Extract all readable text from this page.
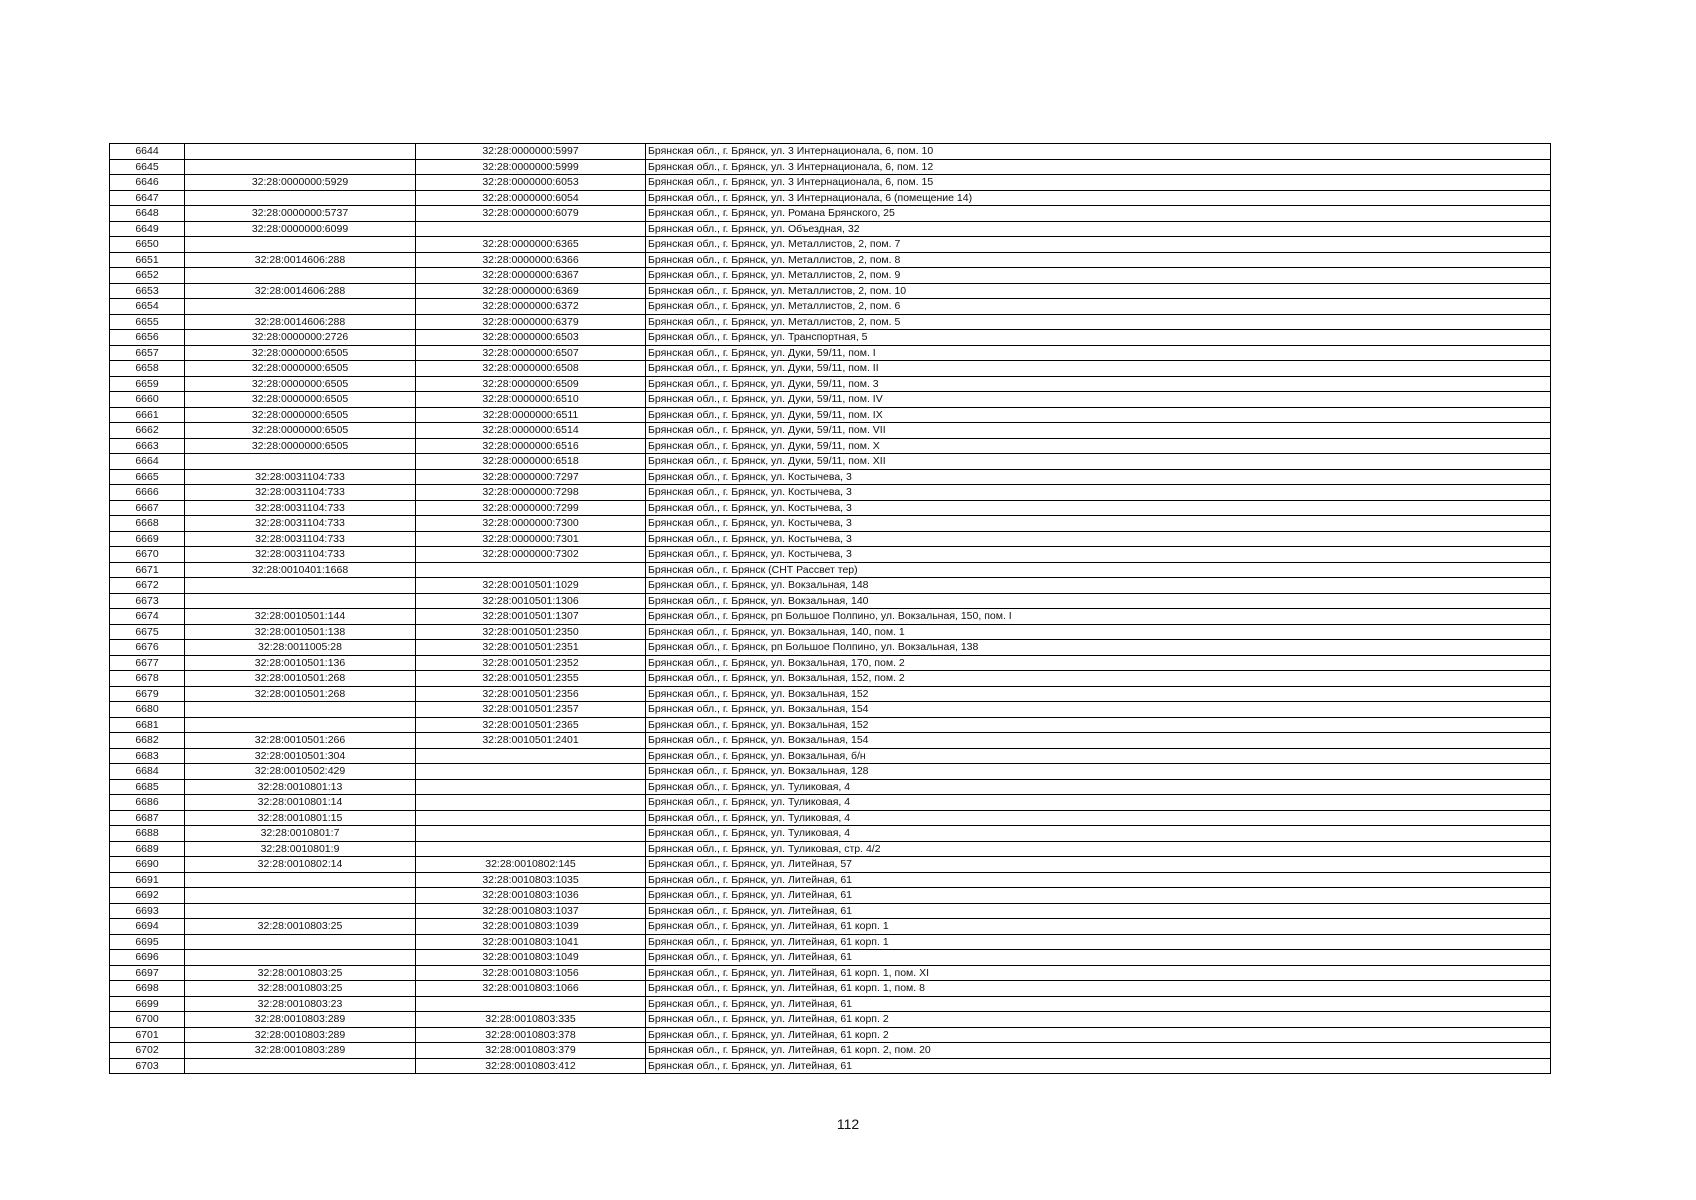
6644		32:28:0000000:5997	Брянская обл., г. Брянск, ул. 3 Интернационала, 6, пом. 10
6645		32:28:0000000:5999	Брянская обл., г. Брянск, ул. 3 Интернационала, 6, пом. 12
6646	32:28:0000000:5929	32:28:0000000:6053	Брянская обл., г. Брянск, ул. 3 Интернационала, 6, пом. 15
6647		32:28:0000000:6054	Брянская обл., г. Брянск, ул. 3 Интернационала, 6 (помещение 14)
6648	32:28:0000000:5737	32:28:0000000:6079	Брянская обл., г. Брянск, ул. Романа Брянского, 25
6649	32:28:0000000:6099		Брянская обл., г. Брянск, ул. Объездная, 32
6650		32:28:0000000:6365	Брянская обл., г. Брянск, ул. Металлистов, 2, пом. 7
6651	32:28:0014606:288	32:28:0000000:6366	Брянская обл., г. Брянск, ул. Металлистов, 2, пом. 8
6652		32:28:0000000:6367	Брянская обл., г. Брянск, ул. Металлистов, 2, пом. 9
6653	32:28:0014606:288	32:28:0000000:6369	Брянская обл., г. Брянск, ул. Металлистов, 2, пом. 10
6654		32:28:0000000:6372	Брянская обл., г. Брянск, ул. Металлистов, 2, пом. 6
6655	32:28:0014606:288	32:28:0000000:6379	Брянская обл., г. Брянск, ул. Металлистов, 2, пом. 5
6656	32:28:0000000:2726	32:28:0000000:6503	Брянская обл., г. Брянск, ул. Транспортная, 5
6657	32:28:0000000:6505	32:28:0000000:6507	Брянская обл., г. Брянск, ул. Дуки, 59/11, пом. I
6658	32:28:0000000:6505	32:28:0000000:6508	Брянская обл., г. Брянск, ул. Дуки, 59/11, пом. II
6659	32:28:0000000:6505	32:28:0000000:6509	Брянская обл., г. Брянск, ул. Дуки, 59/11, пом. 3
6660	32:28:0000000:6505	32:28:0000000:6510	Брянская обл., г. Брянск, ул. Дуки, 59/11, пом. IV
6661	32:28:0000000:6505	32:28:0000000:6511	Брянская обл., г. Брянск, ул. Дуки, 59/11, пом. IX
6662	32:28:0000000:6505	32:28:0000000:6514	Брянская обл., г. Брянск, ул. Дуки, 59/11, пом. VII
6663	32:28:0000000:6505	32:28:0000000:6516	Брянская обл., г. Брянск, ул. Дуки, 59/11, пом. X
6664		32:28:0000000:6518	Брянская обл., г. Брянск, ул. Дуки, 59/11, пом. XII
6665	32:28:0031104:733	32:28:0000000:7297	Брянская обл., г. Брянск, ул. Костычева, 3
6666	32:28:0031104:733	32:28:0000000:7298	Брянская обл., г. Брянск, ул. Костычева, 3
6667	32:28:0031104:733	32:28:0000000:7299	Брянская обл., г. Брянск, ул. Костычева, 3
6668	32:28:0031104:733	32:28:0000000:7300	Брянская обл., г. Брянск, ул. Костычева, 3
6669	32:28:0031104:733	32:28:0000000:7301	Брянская обл., г. Брянск, ул. Костычева, 3
6670	32:28:0031104:733	32:28:0000000:7302	Брянская обл., г. Брянск, ул. Костычева, 3
6671	32:28:0010401:1668		Брянская обл., г. Брянск (СНТ Рассвет тер)
6672		32:28:0010501:1029	Брянская обл., г. Брянск, ул. Вокзальная, 148
6673		32:28:0010501:1306	Брянская обл., г. Брянск, ул. Вокзальная, 140
6674	32:28:0010501:144	32:28:0010501:1307	Брянская обл., г. Брянск, рп Большое Полпино, ул. Вокзальная, 150, пом. I
6675	32:28:0010501:138	32:28:0010501:2350	Брянская обл., г. Брянск, ул. Вокзальная, 140, пом. 1
6676	32:28:0011005:28	32:28:0010501:2351	Брянская обл., г. Брянск, рп Большое Полпино, ул. Вокзальная, 138
6677	32:28:0010501:136	32:28:0010501:2352	Брянская обл., г. Брянск, ул. Вокзальная, 170, пом. 2
6678	32:28:0010501:268	32:28:0010501:2355	Брянская обл., г. Брянск, ул. Вокзальная, 152, пом. 2
6679	32:28:0010501:268	32:28:0010501:2356	Брянская обл., г. Брянск, ул. Вокзальная, 152
6680		32:28:0010501:2357	Брянская обл., г. Брянск, ул. Вокзальная, 154
6681		32:28:0010501:2365	Брянская обл., г. Брянск, ул. Вокзальная, 152
6682	32:28:0010501:266	32:28:0010501:2401	Брянская обл., г. Брянск, ул. Вокзальная, 154
6683	32:28:0010501:304		Брянская обл., г. Брянск, ул. Вокзальная, б/н
6684	32:28:0010502:429		Брянская обл., г. Брянск, ул. Вокзальная, 128
6685	32:28:0010801:13		Брянская обл., г. Брянск, ул. Туликовая, 4
6686	32:28:0010801:14		Брянская обл., г. Брянск, ул. Туликовая, 4
6687	32:28:0010801:15		Брянская обл., г. Брянск, ул. Туликовая, 4
6688	32:28:0010801:7		Брянская обл., г. Брянск, ул. Туликовая, 4
6689	32:28:0010801:9		Брянская обл., г. Брянск, ул. Туликовая, стр. 4/2
6690	32:28:0010802:14	32:28:0010802:145	Брянская обл., г. Брянск, ул. Литейная, 57
6691		32:28:0010803:1035	Брянская обл., г. Брянск, ул. Литейная, 61
6692		32:28:0010803:1036	Брянская обл., г. Брянск, ул. Литейная, 61
6693		32:28:0010803:1037	Брянская обл., г. Брянск, ул. Литейная, 61
6694	32:28:0010803:25	32:28:0010803:1039	Брянская обл., г. Брянск, ул. Литейная, 61 корп. 1
6695		32:28:0010803:1041	Брянская обл., г. Брянск, ул. Литейная, 61 корп. 1
6696		32:28:0010803:1049	Брянская обл., г. Брянск, ул. Литейная, 61
6697	32:28:0010803:25	32:28:0010803:1056	Брянская обл., г. Брянск, ул. Литейная, 61 корп. 1, пом. XI
6698	32:28:0010803:25	32:28:0010803:1066	Брянская обл., г. Брянск, ул. Литейная, 61 корп. 1, пом. 8
6699	32:28:0010803:23		Брянская обл., г. Брянск, ул. Литейная, 61
6700	32:28:0010803:289	32:28:0010803:335	Брянская обл., г. Брянск, ул. Литейная, 61 корп. 2
6701	32:28:0010803:289	32:28:0010803:378	Брянская обл., г. Брянск, ул. Литейная, 61 корп. 2
6702	32:28:0010803:289	32:28:0010803:379	Брянская обл., г. Брянск, ул. Литейная, 61 корп. 2, пом. 20
6703		32:28:0010803:412	Брянская обл., г. Брянск, ул. Литейная, 61
112
